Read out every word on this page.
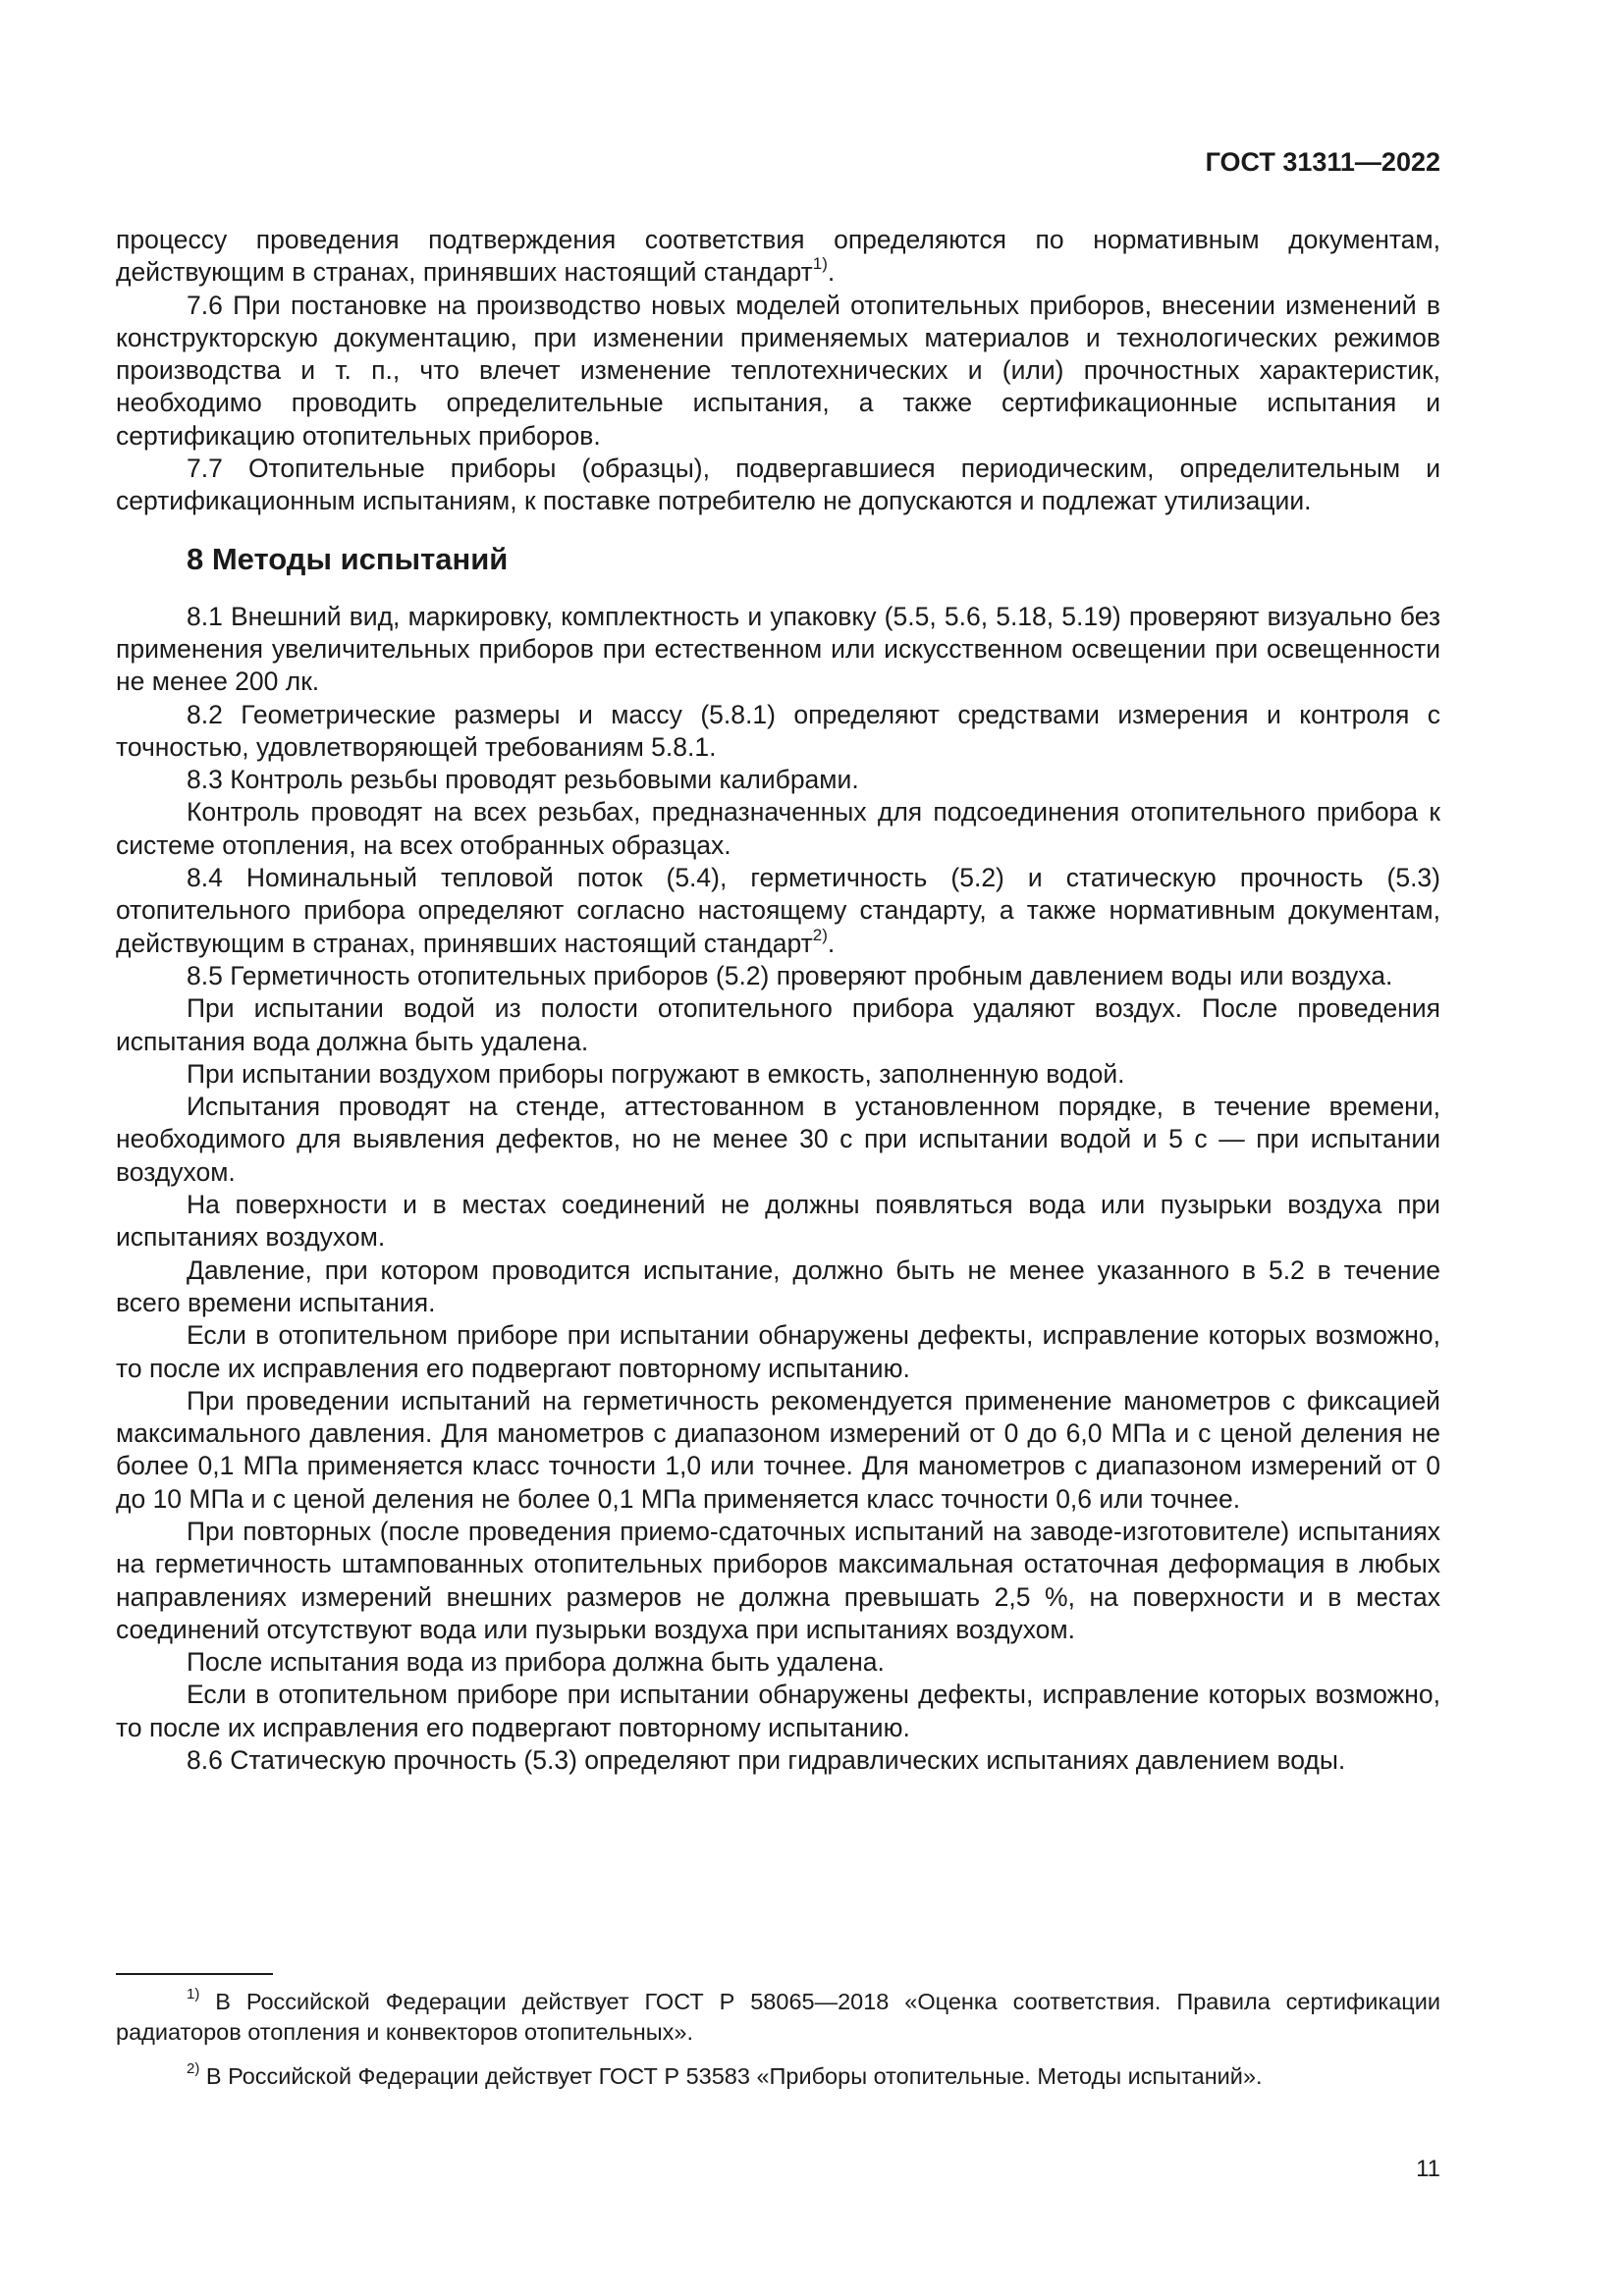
ГОСТ 31311—2022

процессу проведения подтверждения соответствия определяются по нормативным документам, действующим в странах, принявших настоящий стандарт$^{1)}$.

7.6 При постановке на производство новых моделей отопительных приборов, внесении изменений в конструкторскую документацию, при изменении применяемых материалов и технологических режимов производства и т. п., что влечет изменение теплотехнических и (или) прочностных характеристик, необходимо проводить определительные испытания, а также сертификационные испытания и сертификацию отопительных приборов.

7.7 Отопительные приборы (образцы), подвергавшиеся периодическим, определительным и сертификационным испытаниям, к поставке потребителю не допускаются и подлежат утилизации.

8 Методы испытаний

8.1 Внешний вид, маркировку, комплектность и упаковку (5.5, 5.6, 5.18, 5.19) проверяют визуально без применения увеличительных приборов при естественном или искусственном освещении при освещенности не менее 200 лк.

8.2 Геометрические размеры и массу (5.8.1) определяют средствами измерения и контроля с точностью, удовлетворяющей требованиям 5.8.1.

8.3 Контроль резьбы проводят резьбовыми калибрами.

Контроль проводят на всех резьбах, предназначенных для подсоединения отопительного прибора к системе отопления, на всех отобранных образцах.

8.4 Номинальный тепловой поток (5.4), герметичность (5.2) и статическую прочность (5.3) отопительного прибора определяют согласно настоящему стандарту, а также нормативным документам, действующим в странах, принявших настоящий стандарт$^{2)}$.

8.5 Герметичность отопительных приборов (5.2) проверяют пробным давлением воды или воздуха.

При испытании водой из полости отопительного прибора удаляют воздух. После проведения испытания вода должна быть удалена.

При испытании воздухом приборы погружают в емкость, заполненную водой.

Испытания проводят на стенде, аттестованном в установленном порядке, в течение времени, необходимого для выявления дефектов, но не менее 30 с при испытании водой и 5 с — при испытании воздухом.

На поверхности и в местах соединений не должны появляться вода или пузырьки воздуха при испытаниях воздухом.

Давление, при котором проводится испытание, должно быть не менее указанного в 5.2 в течение всего времени испытания.

Если в отопительном приборе при испытании обнаружены дефекты, исправление которых возможно, то после их исправления его подвергают повторному испытанию.

При проведении испытаний на герметичность рекомендуется применение манометров с фиксацией максимального давления. Для манометров с диапазоном измерений от 0 до 6,0 МПа и с ценой деления не более 0,1 МПа применяется класс точности 1,0 или точнее. Для манометров с диапазоном измерений от 0 до 10 МПа и с ценой деления не более 0,1 МПа применяется класс точности 0,6 или точнее.

При повторных (после проведения приемо-сдаточных испытаний на заводе-изготовителе) испытаниях на герметичность штампованных отопительных приборов максимальная остаточная деформация в любых направлениях измерений внешних размеров не должна превышать 2,5 %, на поверхности и в местах соединений отсутствуют вода или пузырьки воздуха при испытаниях воздухом.

После испытания вода из прибора должна быть удалена.

Если в отопительном приборе при испытании обнаружены дефекты, исправление которых возможно, то после их исправления его подвергают повторному испытанию.

8.6 Статическую прочность (5.3) определяют при гидравлических испытаниях давлением воды.

$^{1)}$ В Российской Федерации действует ГОСТ Р 58065—2018 «Оценка соответствия. Правила сертификации радиаторов отопления и конвекторов отопительных».

$^{2)}$ В Российской Федерации действует ГОСТ Р 53583 «Приборы отопительные. Методы испытаний».

11
